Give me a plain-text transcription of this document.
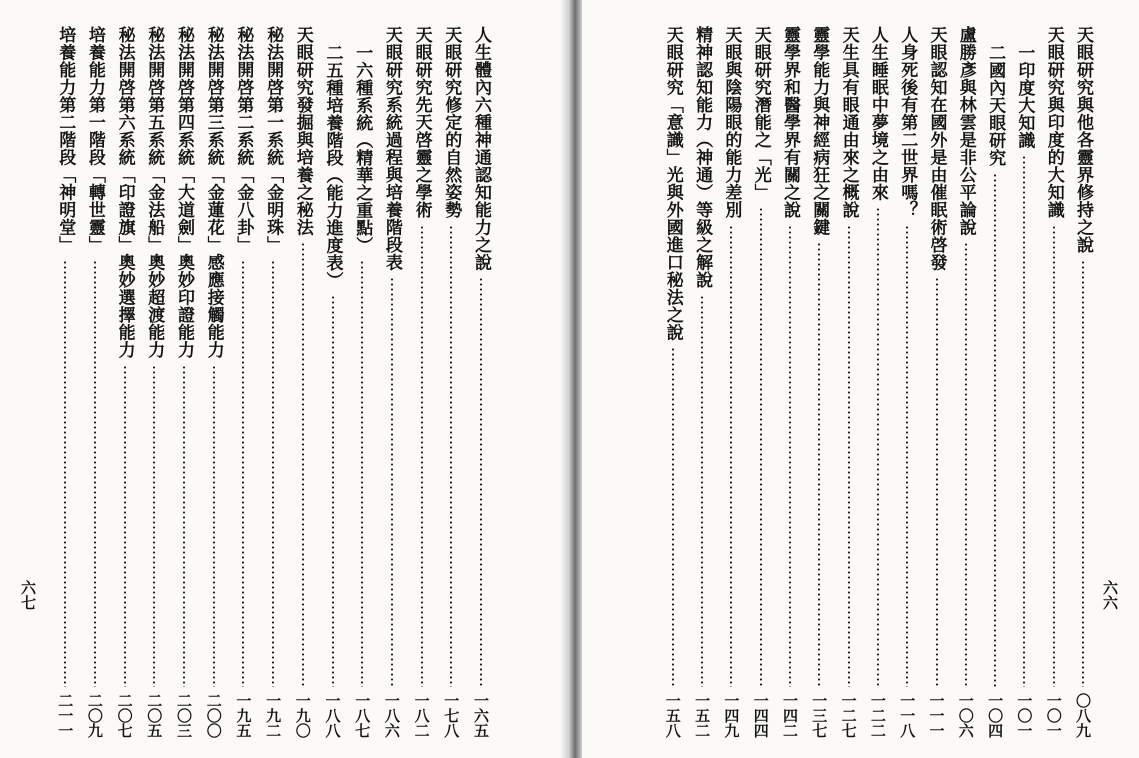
六七
人生體內六種神通認知能力之說
一六五
天眼研究修定的自然姿勢
一七八
天眼研究先天啓靈之學術
一八二
天眼研究系統過程與培養階段表
一八六
一六種系統（精華之重點）
一八七
二五種培養階段（能力進度表）
一八八
天眼研究發掘與培養之秘法
一九〇
秘法開啓第一系統「金明珠」
一九二
秘法開啓第二系統「金八卦」
一九五
秘法開啓第三系統「金蓮花」感應接觸能力
二〇〇
秘法開啓第四系統「大道劍」奧妙印證能力
二〇三
秘法開啓第五系統「金法船」奧妙超渡能力
二〇五
秘法開啓第六系統「印證旗」奧妙選擇能力
二〇七
培養能力第一階段「轉世靈」
二〇九
培養能力第二階段「神明堂」
二一一
六六
天眼研究與他各靈界修持之說
〇八九
天眼研究與印度的大知識
一〇一
一印度大知識
一〇一
二國內天眼研究
一〇四
盧勝彥與林雲是非公平論說
一〇六
天眼認知在國外是由催眠術啓發
一一一
人身死後有第二世界嗎？
一一八
人生睡眠中夢境之由來
一二二
天生具有眼通由來之概說
一二七
靈學能力與神經病狂之關鍵
一三七
靈學界和醫學界有關之說
一四二
天眼研究潛能之「光」
一四四
天眼與陰陽眼的能力差別
一四九
精神認知能力（神通）等級之解說
一五二
天眼研究「意識」光與外國進口秘法之說
一五八
